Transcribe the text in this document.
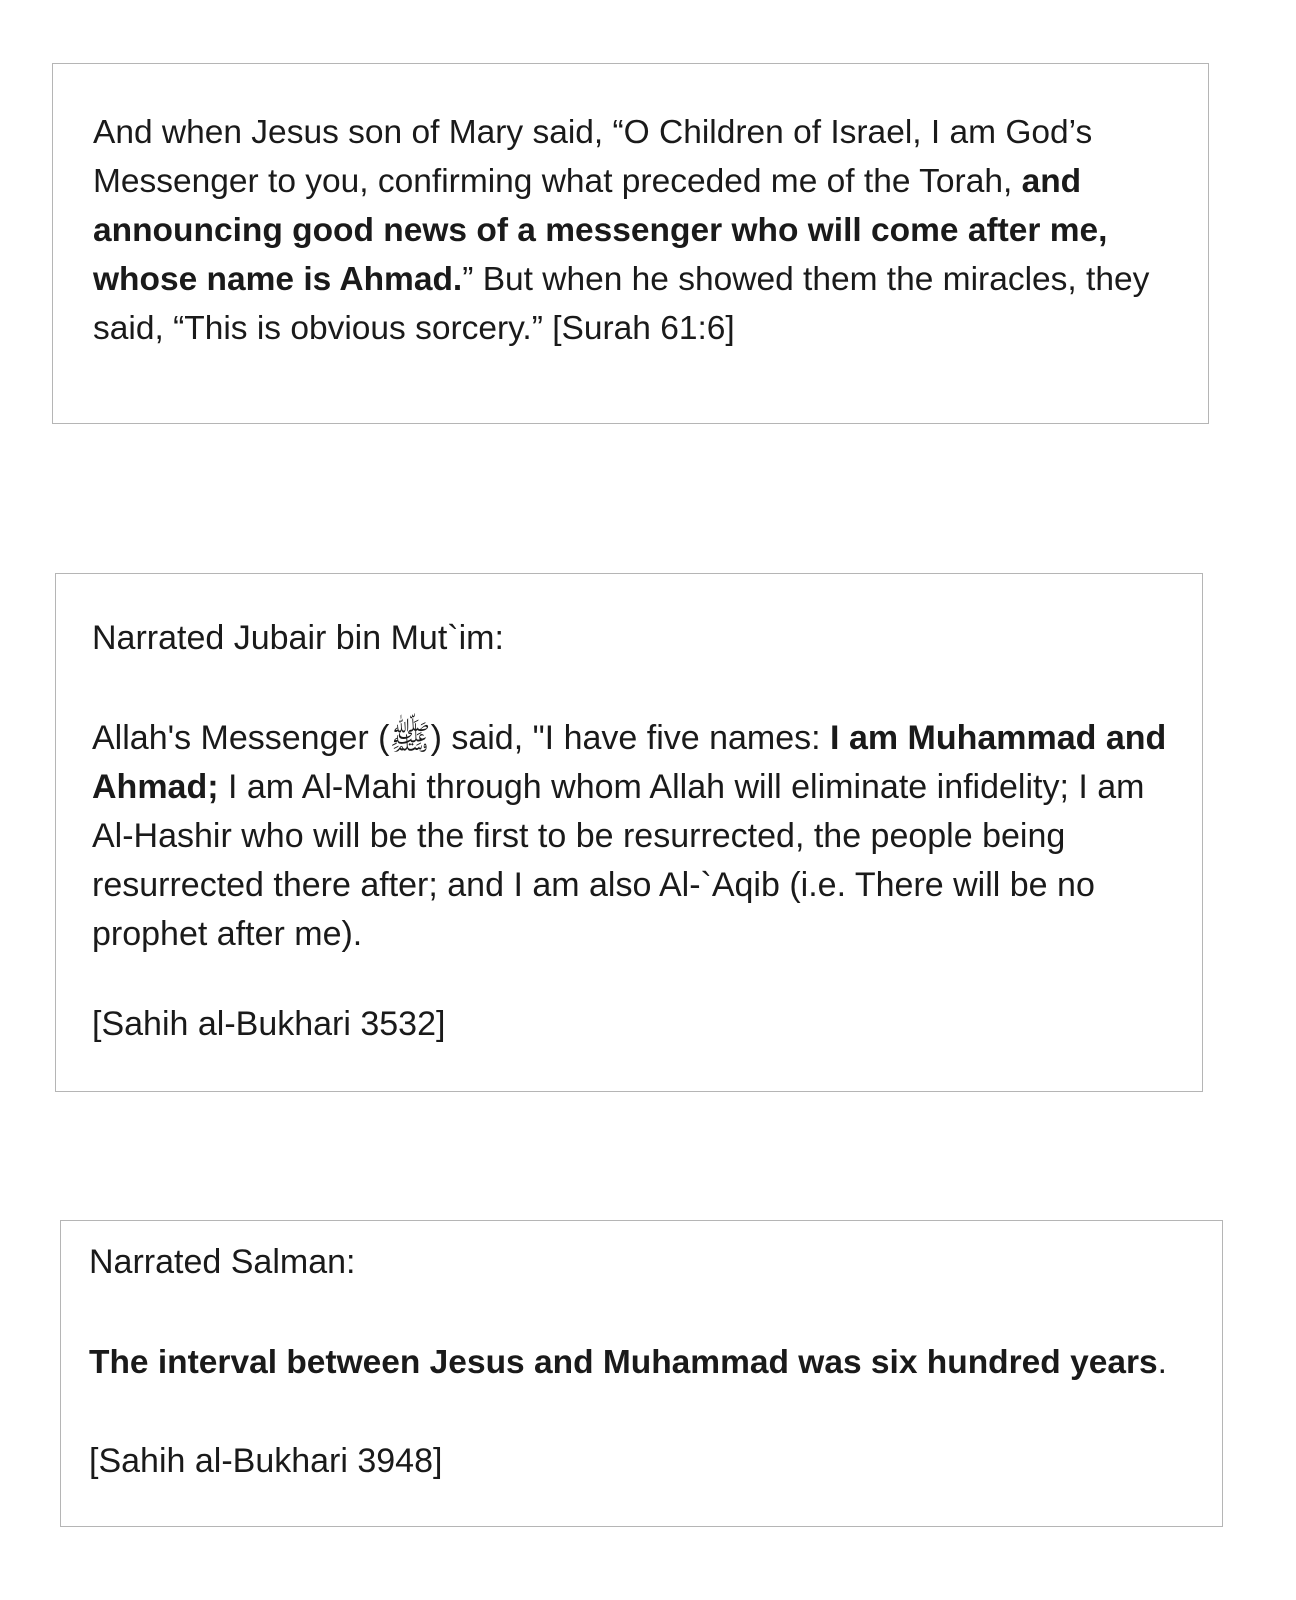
And when Jesus son of Mary said, “O Children of Israel, I am God’s Messenger to you, confirming what preceded me of the Torah, and announcing good news of a messenger who will come after me, whose name is Ahmad.” But when he showed them the miracles, they said, “This is obvious sorcery.” [Surah 61:6]

Narrated Jubair bin Mut`im:

Allah's Messenger (ﷺ) said, "I have five names: I am Muhammad and Ahmad; I am Al-Mahi through whom Allah will eliminate infidelity; I am Al-Hashir who will be the first to be resurrected, the people being resurrected there after; and I am also Al-`Aqib (i.e. There will be no prophet after me).

[Sahih al-Bukhari 3532]

Narrated Salman:

The interval between Jesus and Muhammad was six hundred years.

[Sahih al-Bukhari 3948]
